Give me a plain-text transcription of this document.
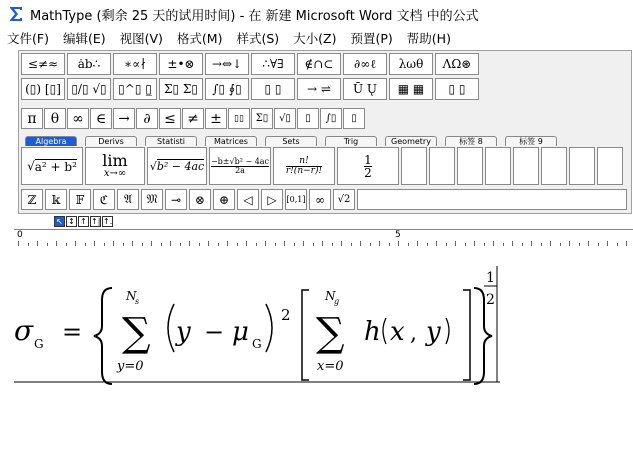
MathType (剩余 25 天的试用时间) - 在 新建 Microsoft Word 文档 中的公式
文件(F)	编辑(E)	视图(V)	格式(M)	样式(S)	大小(Z)	预置(P)	帮助(H)
≤≠≈	ȧb∴	∗∝∤	±•⊗	→⇔↓	∴∀∃	∉∩⊂	∂∞ℓ	λωθ	ΛΩ⊛
(▯) [▯] ▯/▯ √▯ ▯^▯ ▯̲	Σ▯ Σ▯	∫▯ ∮▯	▯ ▯	→ ⇌	Ū Ų	▦ ▦	▯ ▯
π	θ ∞ ∈ → ∂ ≤ ≠ ±	▯▯	Σ▯	√▯	▯	∫▯	▯
Algebra	Derivs	Statisti	Matrices	Sets	Trig	Geometry	标签 8	标签 9
√ a² + b² lim
x→∞
√ $b^2 - 4ac \frac{\text{−b±√b² − 4ac}}{2a} \frac{n!}{r!(n-r)!}$	$\frac{1}{2}$
ℤ	𝕜	𝔽	ℭ	𝔄	𝔐	⊸	⊗	⊕	◁	▷	[0,1] ∞	√2
↖ ↕ ↑ ↑| ↑.
0	5
σ G = ∑
N
s
y=0
y − μ G
2 ∑
N
g
x=0
h x , y
1
2
